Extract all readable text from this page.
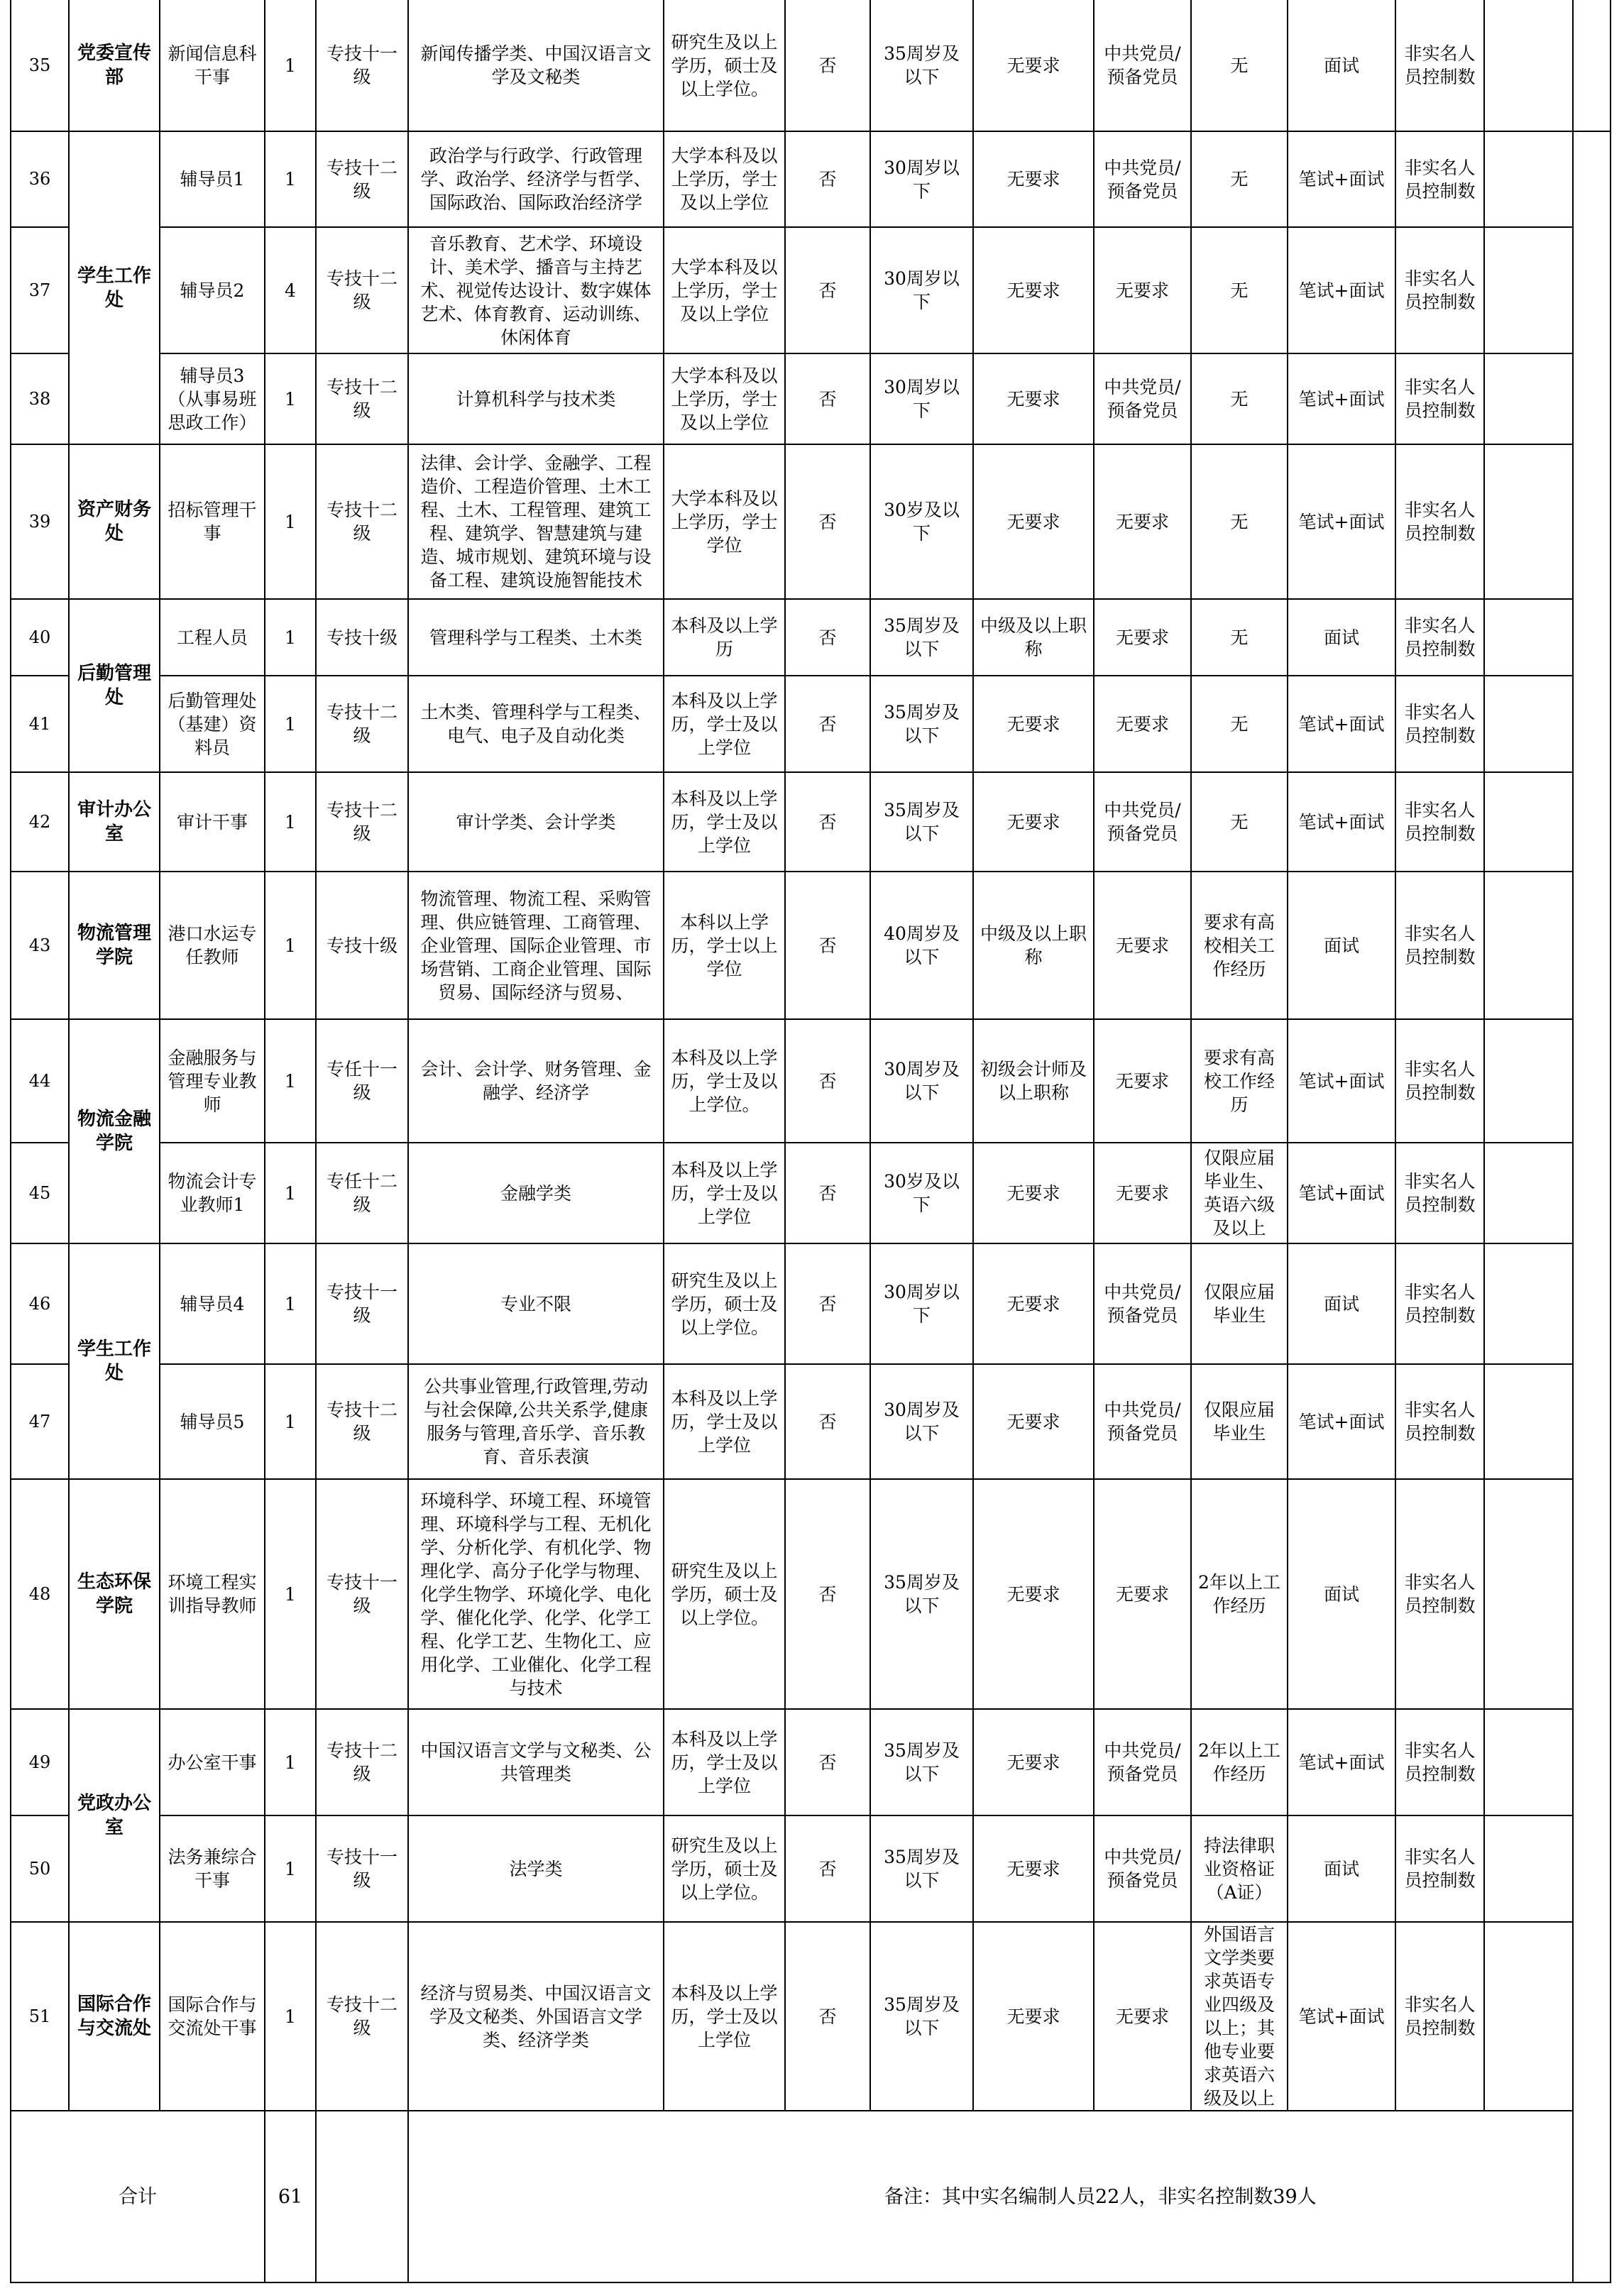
35	党委宣传部	新闻信息科干事	1	专技十一级	新闻传播学类、中国汉语言文学及文秘类	研究生及以上学历，硕士及以上学位。	否	35周岁及以下	无要求	中共党员/预备党员	无	面试	非实名人员控制数		
36	学生工作处	辅导员1	1	专技十二级	政治学与行政学、行政管理学、政治学、经济学与哲学、国际政治、国际政治经济学	大学本科及以上学历，学士及以上学位	否	30周岁以下	无要求	中共党员/预备党员	无	笔试+面试	非实名人员控制数		
37		辅导员2	4	专技十二级	音乐教育、艺术学、环境设计、美术学、播音与主持艺术、视觉传达设计、数字媒体艺术、体育教育、运动训练、休闲体育	大学本科及以上学历，学士及以上学位	否	30周岁以下	无要求	无要求	无	笔试+面试	非实名人员控制数		
38		辅导员3（从事易班思政工作）	1	专技十二级	计算机科学与技术类	大学本科及以上学历，学士及以上学位	否	30周岁以下	无要求	中共党员/预备党员	无	笔试+面试	非实名人员控制数		
39	资产财务处	招标管理干事	1	专技十二级	法律、会计学、金融学、工程造价、工程造价管理、土木工程、土木、工程管理、建筑工程、建筑学、智慧建筑与建造、城市规划、建筑环境与设备工程、建筑设施智能技术	大学本科及以上学历，学士学位	否	30岁及以下	无要求	无要求	无	笔试+面试	非实名人员控制数		
40	后勤管理处	工程人员	1	专技十级	管理科学与工程类、土木类	本科及以上学历	否	35周岁及以下	中级及以上职称	无要求	无	面试	非实名人员控制数		
41		后勤管理处（基建）资料员	1	专技十二级	土木类、管理科学与工程类、电气、电子及自动化类	本科及以上学历，学士及以上学位	否	35周岁及以下	无要求	无要求	无	笔试+面试	非实名人员控制数		
42	审计办公室	审计干事	1	专技十二级	审计学类、会计学类	本科及以上学历，学士及以上学位	否	35周岁及以下	无要求	中共党员/预备党员	无	笔试+面试	非实名人员控制数		
43	物流管理学院	港口水运专任教师	1	专技十级	物流管理、物流工程、采购管理、供应链管理、工商管理、企业管理、国际企业管理、市场营销、工商企业管理、国际贸易、国际经济与贸易、	本科以上学历，学士以上学位	否	40周岁及以下	中级及以上职称	无要求	要求有高校相关工作经历	面试	非实名人员控制数		
44	物流金融学院	金融服务与管理专业教师	1	专任十一级	会计、会计学、财务管理、金融学、经济学	本科及以上学历，学士及以上学位。	否	30周岁及以下	初级会计师及以上职称	无要求	要求有高校工作经历	笔试+面试	非实名人员控制数		
45		物流会计专业教师1	1	专任十二级	金融学类	本科及以上学历，学士及以上学位	否	30岁及以下	无要求	无要求	仅限应届毕业生、英语六级及以上	笔试+面试	非实名人员控制数		
46	学生工作处	辅导员4	1	专技十一级	专业不限	研究生及以上学历，硕士及以上学位。	否	30周岁以下	无要求	中共党员/预备党员	仅限应届毕业生	面试	非实名人员控制数		
47		辅导员5	1	专技十二级	公共事业管理,行政管理,劳动与社会保障,公共关系学,健康服务与管理,音乐学、音乐教育、音乐表演	本科及以上学历，学士及以上学位	否	30周岁及以下	无要求	中共党员/预备党员	仅限应届毕业生	笔试+面试	非实名人员控制数		
48	生态环保学院	环境工程实训指导教师	1	专技十一级	环境科学、环境工程、环境管理、环境科学与工程、无机化学、分析化学、有机化学、物理化学、高分子化学与物理、化学生物学、环境化学、电化学、催化化学、化学、化学工程、化学工艺、生物化工、应用化学、工业催化、化学工程与技术	研究生及以上学历，硕士及以上学位。	否	35周岁及以下	无要求	无要求	2年以上工作经历	面试	非实名人员控制数		
49	党政办公室	办公室干事	1	专技十二级	中国汉语言文学与文秘类、公共管理类	本科及以上学历，学士及以上学位	否	35周岁及以下	无要求	中共党员/预备党员	2年以上工作经历	笔试+面试	非实名人员控制数		
50		法务兼综合干事	1	专技十一级	法学类	研究生及以上学历，硕士及以上学位。	否	35周岁及以下	无要求	中共党员/预备党员	持法律职业资格证（A证）	面试	非实名人员控制数		
51	国际合作与交流处	国际合作与交流处干事	1	专技十二级	经济与贸易类、中国汉语言文学及文秘类、外国语言文学类、经济学类	本科及以上学历，学士及以上学位	否	35周岁及以下	无要求	无要求	外国语言文学类要求英语专业四级及以上；其他专业要求英语六级及以上	笔试+面试	非实名人员控制数		
合计			61		备注：其中实名编制人员22人，非实名控制数39人										
